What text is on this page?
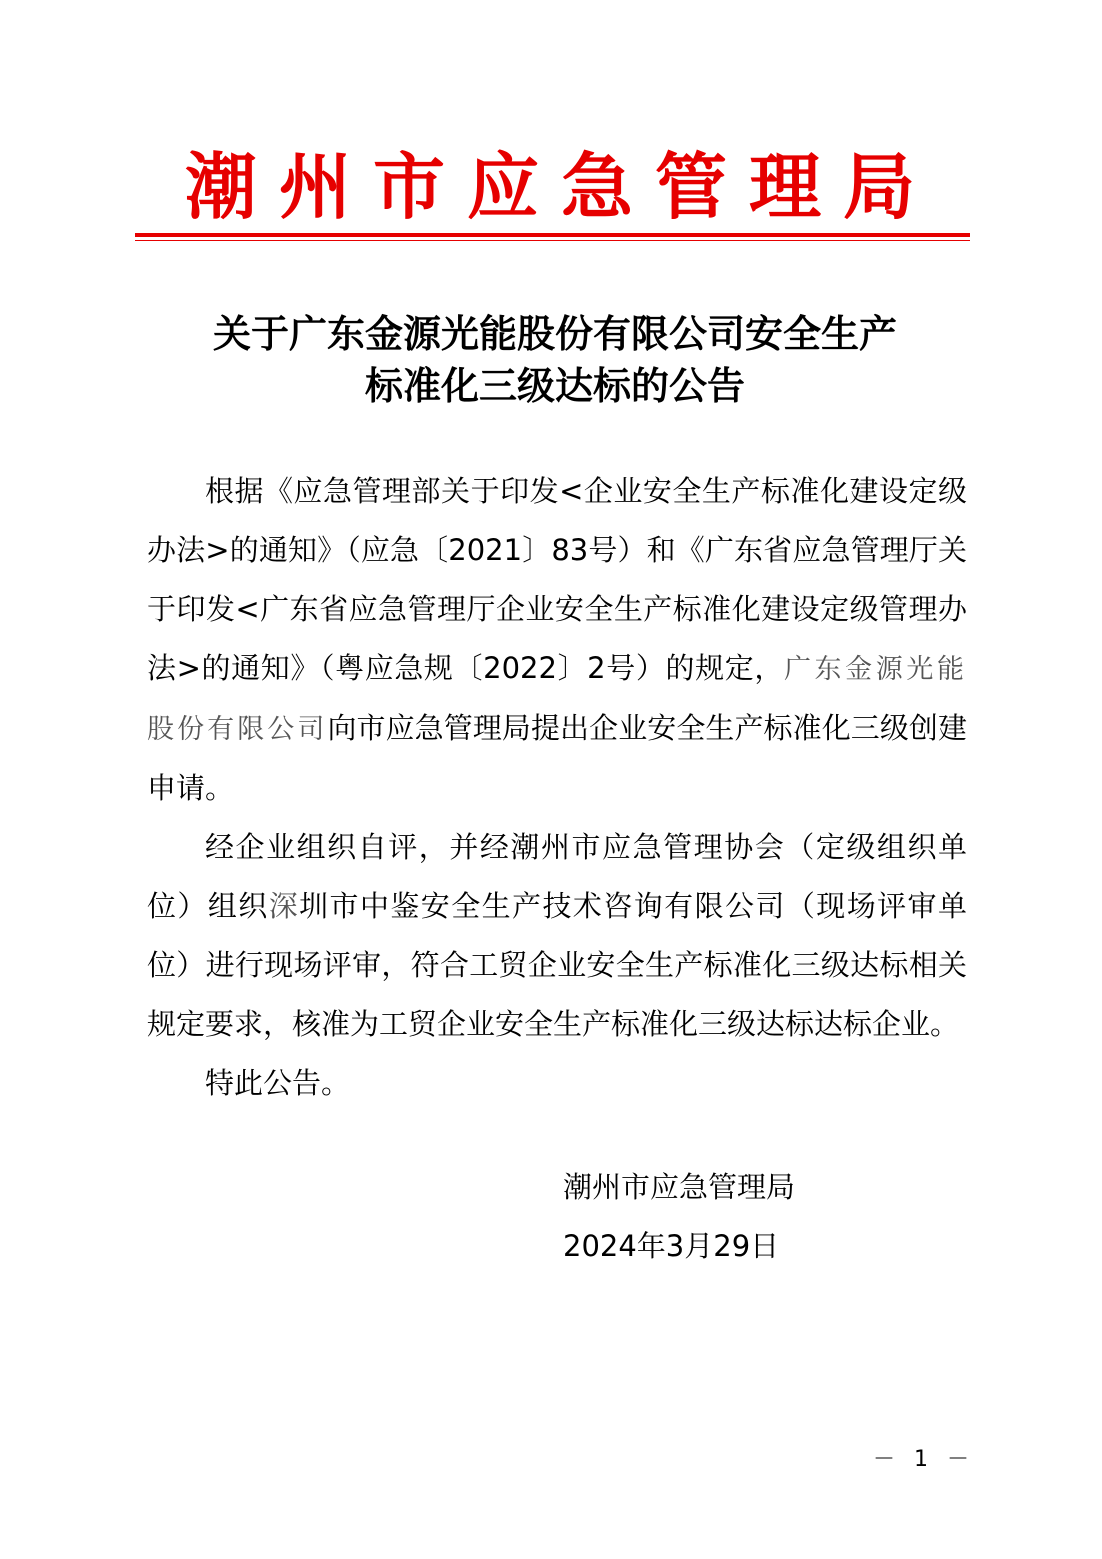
潮州市应急管理局
关于广东金源光能股份有限公司安全生产
标准化三级达标的公告

根据《应急管理部关于印发<企业安全生产标准化建设定级办法>的通知》（应急〔2021〕83号）和《广东省应急管理厅关于印发<广东省应急管理厅企业安全生产标准化建设定级管理办法>的通知》（粤应急规〔2022〕2号）的规定，广东金源光能股份有限公司向市应急管理局提出企业安全生产标准化三级创建申请。

经企业组织自评，并经潮州市应急管理协会（定级组织单位）组织深圳市中鉴安全生产技术咨询有限公司（现场评审单位）进行现场评审，符合工贸企业安全生产标准化三级达标相关规定要求，核准为工贸企业安全生产标准化三级达标达标企业。

特此公告。

潮州市应急管理局
2024年3月29日
－ 1 －
